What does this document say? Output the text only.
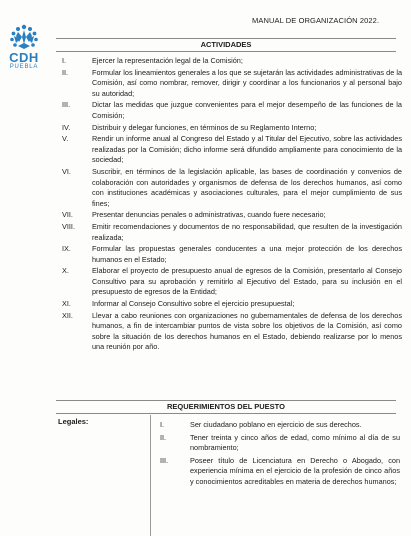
CDH
PUEBLA
MANUAL DE ORGANIZACIÓN 2022.
ACTIVIDADES
I.	Ejercer la representación legal de la Comisión;
II.	Formular los lineamientos generales a los que se sujetarán las actividades administrativas de la Comisión, así como nombrar, remover, dirigir y coordinar a los funcionarios y al personal bajo su autoridad;
III.	Dictar las medidas que juzgue convenientes para el mejor desempeño de las funciones de la Comisión;
IV.	Distribuir y delegar funciones, en términos de su Reglamento Interno;
V.	Rendir un informe anual al Congreso del Estado y al Titular del Ejecutivo, sobre las actividades realizadas por la Comisión; dicho informe será difundido ampliamente para conocimiento de la sociedad;
VI.	Suscribir, en términos de la legislación aplicable, las bases de coordinación y convenios de colaboración con autoridades y organismos de defensa de los derechos humanos, así como con instituciones académicas y asociaciones culturales, para el mejor cumplimiento de sus fines;
VII.	Presentar denuncias penales o administrativas, cuando fuere necesario;
VIII.	Emitir recomendaciones y documentos de no responsabilidad, que resulten de la investigación realizada;
IX.	Formular las propuestas generales conducentes a una mejor protección de los derechos humanos en el Estado;
X.	Elaborar el proyecto de presupuesto anual de egresos de la Comisión, presentarlo al Consejo Consultivo para su aprobación y remitirlo al Ejecutivo del Estado, para su inclusión en el presupuesto de egresos de la Entidad;
XI.	Informar al Consejo Consultivo sobre el ejercicio presupuestal;
XII.	Llevar a cabo reuniones con organizaciones no gubernamentales de defensa de los derechos humanos, a fin de intercambiar puntos de vista sobre los objetivos de la Comisión, así como sobre la situación de los derechos humanos en el Estado, debiendo realizarse por lo menos una reunión por año.
REQUERIMIENTOS DEL PUESTO
Legales:	I.	Ser ciudadano poblano en ejercicio de sus derechos.
II.	Tener treinta y cinco años de edad, como mínimo al día de su nombramiento;
III.	Poseer título de Licenciatura en Derecho o Abogado, con experiencia mínima en el ejercicio de la profesión de cinco años y conocimientos acreditables en materia de derechos humanos;
